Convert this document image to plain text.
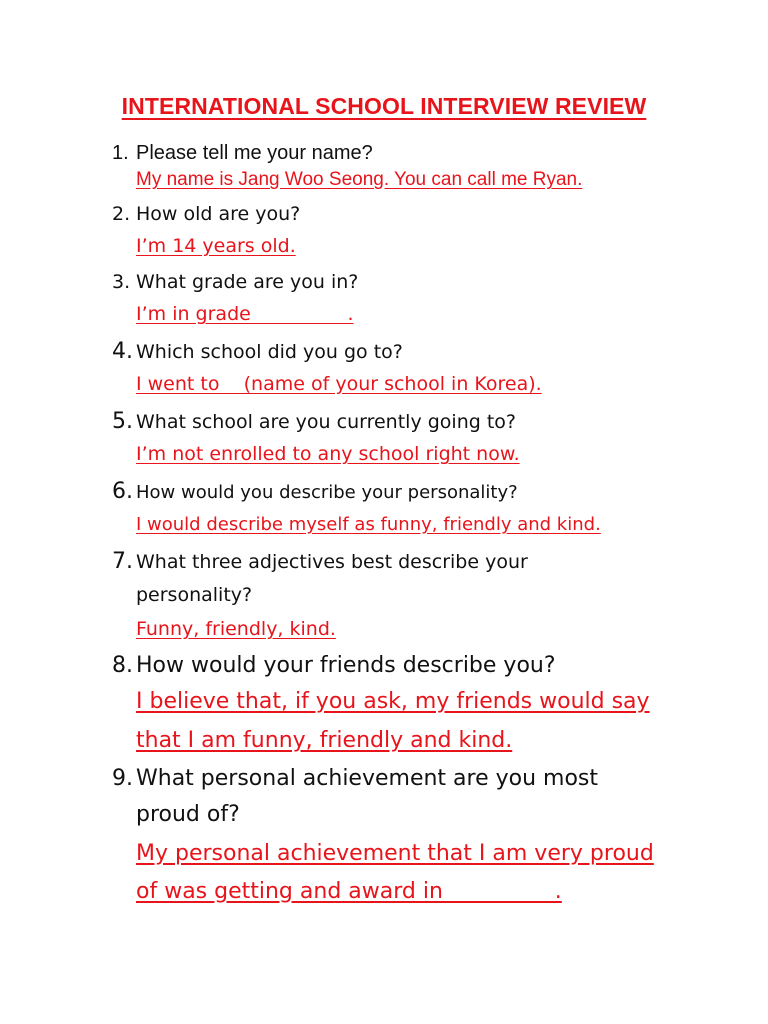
INTERNATIONAL SCHOOL INTERVIEW REVIEW
1. Please tell me your name?
My name is Jang Woo Seong. You can call me Ryan.
2. How old are you?
I’m 14 years old.
3. What grade are you in?
I’m in grade                .
4. Which school did you go to?
I went to    (name of your school in Korea).
5. What school are you currently going to?
I’m not enrolled to any school right now.
6. How would you describe your personality?
I would describe myself as funny, friendly and kind.
7. What three adjectives best describe your
personality?
Funny, friendly, kind.
8. How would your friends describe you?
I believe that, if you ask, my friends would say
that I am funny, friendly and kind.
9. What personal achievement are you most
proud of?
My personal achievement that I am very proud
of was getting and award in                .
